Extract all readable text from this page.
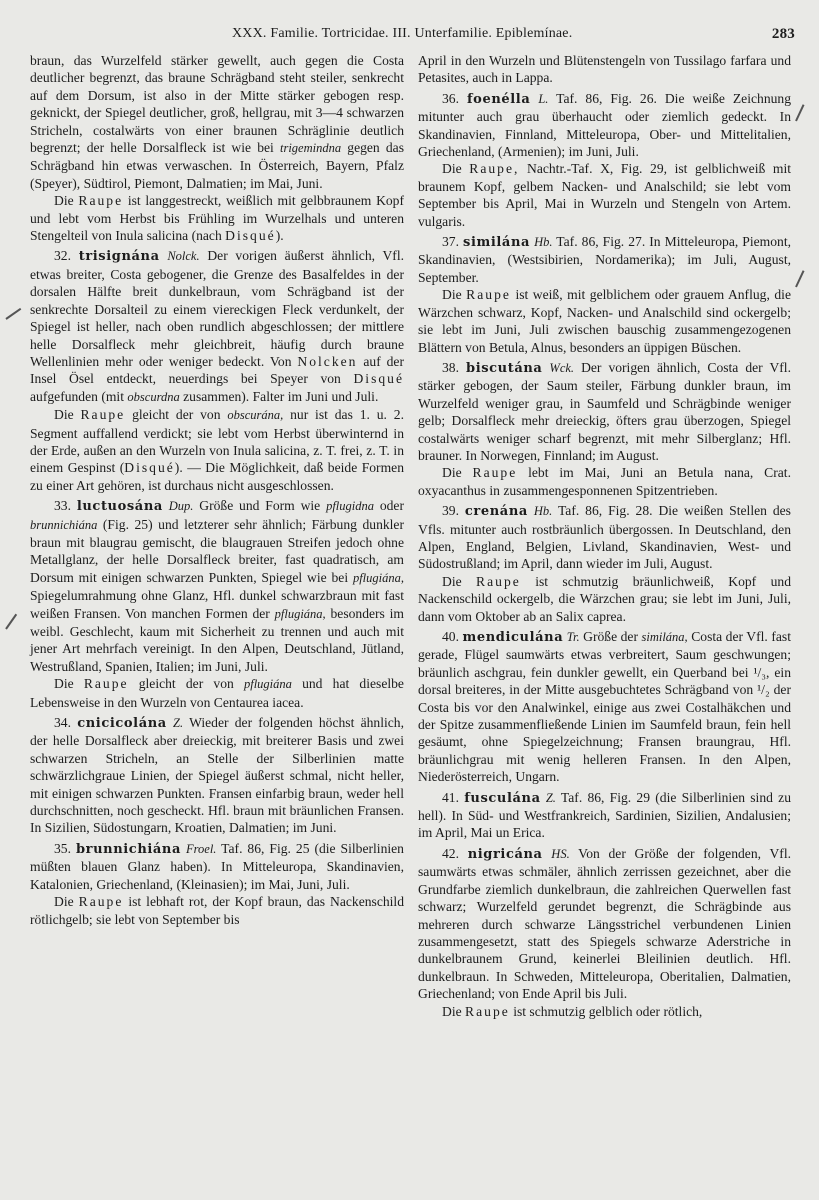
XXX. Familie. Tortricidae. III. Unterfamilie. Epiblemínae.	283

braun, das Wurzelfeld stärker gewellt, auch gegen die Costa deutlicher begrenzt, das braune Schrägband steht steiler, senkrecht auf dem Dorsum, ist also in der Mitte stärker gebogen resp. geknickt, der Spiegel deutlicher, groß, hellgrau, mit 3—4 schwarzen Stricheln, costalwärts von einer braunen Schräglinie deutlich begrenzt; der helle Dorsalfleck ist wie bei trigemindna gegen das Schrägband hin etwas verwaschen. In Österreich, Bayern, Pfalz (Speyer), Südtirol, Piemont, Dalmatien; im Mai, Juni.

Die Raupe ist langgestreckt, weißlich mit gelbbraunem Kopf und lebt vom Herbst bis Frühling im Wurzelhals und unteren Stengelteil von Inula salicina (nach Disqué).

32. trisignána Nolck. Der vorigen äußerst ähnlich, Vfl. etwas breiter, Costa gebogener, die Grenze des Basalfeldes in der dorsalen Hälfte breit dunkelbraun, vom Schrägband ist der senkrechte Dorsalteil zu einem viereckigen Fleck verdunkelt, der Spiegel ist heller, nach oben rundlich abgeschlossen; der mittlere helle Dorsalfleck mehr gleichbreit, häufig durch braune Wellenlinien mehr oder weniger bedeckt. Von Nolcken auf der Insel Ösel entdeckt, neuerdings bei Speyer von Disqué aufgefunden (mit obscurdna zusammen). Falter im Juni und Juli.

Die Raupe gleicht der von obscurána, nur ist das 1. u. 2. Segment auffallend verdickt; sie lebt vom Herbst überwinternd in der Erde, außen an den Wurzeln von Inula salicina, z. T. frei, z. T. in einem Gespinst (Disqué). — Die Möglichkeit, daß beide Formen zu einer Art gehören, ist durchaus nicht ausgeschlossen.

33. luctuosána Dup. Größe und Form wie pflugidna oder brunnichiána (Fig. 25) und letzterer sehr ähnlich; Färbung dunkler braun mit blaugrau gemischt, die blaugrauen Streifen jedoch ohne Metallglanz, der helle Dorsalfleck breiter, fast quadratisch, am Dorsum mit einigen schwarzen Punkten, Spiegel wie bei pflugiána, Spiegelumrahmung ohne Glanz, Hfl. dunkel schwarzbraun mit fast weißen Fransen. Von manchen Formen der pflugiána, besonders im weibl. Geschlecht, kaum mit Sicherheit zu trennen und auch mit jener Art mehrfach vereinigt. In den Alpen, Deutschland, Jütland, Westrußland, Spanien, Italien; im Juni, Juli.

Die Raupe gleicht der von pflugiána und hat dieselbe Lebensweise in den Wurzeln von Centaurea iacea.

34. cnicicolána Z. Wieder der folgenden höchst ähnlich, der helle Dorsalfleck aber dreieckig, mit breiterer Basis und zwei schwarzen Stricheln, an Stelle der Silberlinien matte schwärzlichgraue Linien, der Spiegel äußerst schmal, nicht heller, mit einigen schwarzen Punkten. Fransen einfarbig braun, weder hell durchschnitten, noch gescheckt. Hfl. braun mit bräunlichen Fransen. In Sizilien, Südostungarn, Kroatien, Dalmatien; im Juni.

35. brunnichiána Froel. Taf. 86, Fig. 25 (die Silberlinien müßten blauen Glanz haben). In Mitteleuropa, Skandinavien, Katalonien, Griechenland, (Kleinasien); im Mai, Juni, Juli.

Die Raupe ist lebhaft rot, der Kopf braun, das Nackenschild rötlichgelb; sie lebt von September bis

April in den Wurzeln und Blütenstengeln von Tussilago farfara und Petasites, auch in Lappa.

36. foenélla L. Taf. 86, Fig. 26. Die weiße Zeichnung mitunter auch grau überhaucht oder ziemlich gedeckt. In Skandinavien, Finnland, Mitteleuropa, Ober- und Mittelitalien, Griechenland, (Armenien); im Juni, Juli.

Die Raupe, Nachtr.-Taf. X, Fig. 29, ist gelblichweiß mit braunem Kopf, gelbem Nacken- und Analschild; sie lebt vom September bis April, Mai in Wurzeln und Stengeln von Artem. vulgaris.

37. similána Hb. Taf. 86, Fig. 27. In Mitteleuropa, Piemont, Skandinavien, (Westsibirien, Nordamerika); im Juli, August, September.

Die Raupe ist weiß, mit gelblichem oder grauem Anflug, die Wärzchen schwarz, Kopf, Nacken- und Analschild sind ockergelb; sie lebt im Juni, Juli zwischen bauschig zusammengezogenen Blättern von Betula, Alnus, besonders an üppigen Büschen.

38. biscutána Wck. Der vorigen ähnlich, Costa der Vfl. stärker gebogen, der Saum steiler, Färbung dunkler braun, im Wurzelfeld weniger grau, in Saumfeld und Schrägbinde weniger gelb; Dorsalfleck mehr dreieckig, öfters grau überzogen, Spiegel costalwärts weniger scharf begrenzt, mit mehr Silberglanz; Hfl. brauner. In Norwegen, Finnland; im August.

Die Raupe lebt im Mai, Juni an Betula nana, Crat. oxyacanthus in zusammengesponnenen Spitzentrieben.

39. crenána Hb. Taf. 86, Fig. 28. Die weißen Stellen des Vfls. mitunter auch rostbräunlich übergossen. In Deutschland, den Alpen, England, Belgien, Livland, Skandinavien, West- und Südostrußland; im April, dann wieder im Juli, August.

Die Raupe ist schmutzig bräunlichweiß, Kopf und Nackenschild ockergelb, die Wärzchen grau; sie lebt im Juni, Juli, dann vom Oktober ab an Salix caprea.

40. mendiculána Tr. Größe der similána, Costa der Vfl. fast gerade, Flügel saumwärts etwas verbreitert, Saum geschwungen; bräunlich aschgrau, fein dunkler gewellt, ein Querband bei ¹/₃, ein dorsal breiteres, in der Mitte ausgebuchtetes Schrägband von ¹/₂ der Costa bis vor den Analwinkel, einige aus zwei Costalhäkchen und der Spitze zusammenfließende Linien im Saumfeld braun, fein hell gesäumt, ohne Spiegelzeichnung; Fransen braungrau, Hfl. bräunlichgrau mit wenig helleren Fransen. In den Alpen, Niederösterreich, Ungarn.

41. fusculána Z. Taf. 86, Fig. 29 (die Silberlinien sind zu hell). In Süd- und Westfrankreich, Sardinien, Sizilien, Andalusien; im April, Mai un Erica.

42. nigricána HS. Von der Größe der folgenden, Vfl. saumwärts etwas schmäler, ähnlich zerrissen gezeichnet, aber die Grundfarbe ziemlich dunkelbraun, die zahlreichen Querwellen fast schwarz; Wurzelfeld gerundet begrenzt, die Schrägbinde aus mehreren durch schwarze Längsstrichel verbundenen Linien zusammengesetzt, statt des Spiegels schwarze Aderstriche in dunkelbraunem Grund, keinerlei Bleilinien deutlich. Hfl. dunkelbraun. In Schweden, Mitteleuropa, Oberitalien, Dalmatien, Griechenland; von Ende April bis Juli.

Die Raupe ist schmutzig gelblich oder rötlich,
